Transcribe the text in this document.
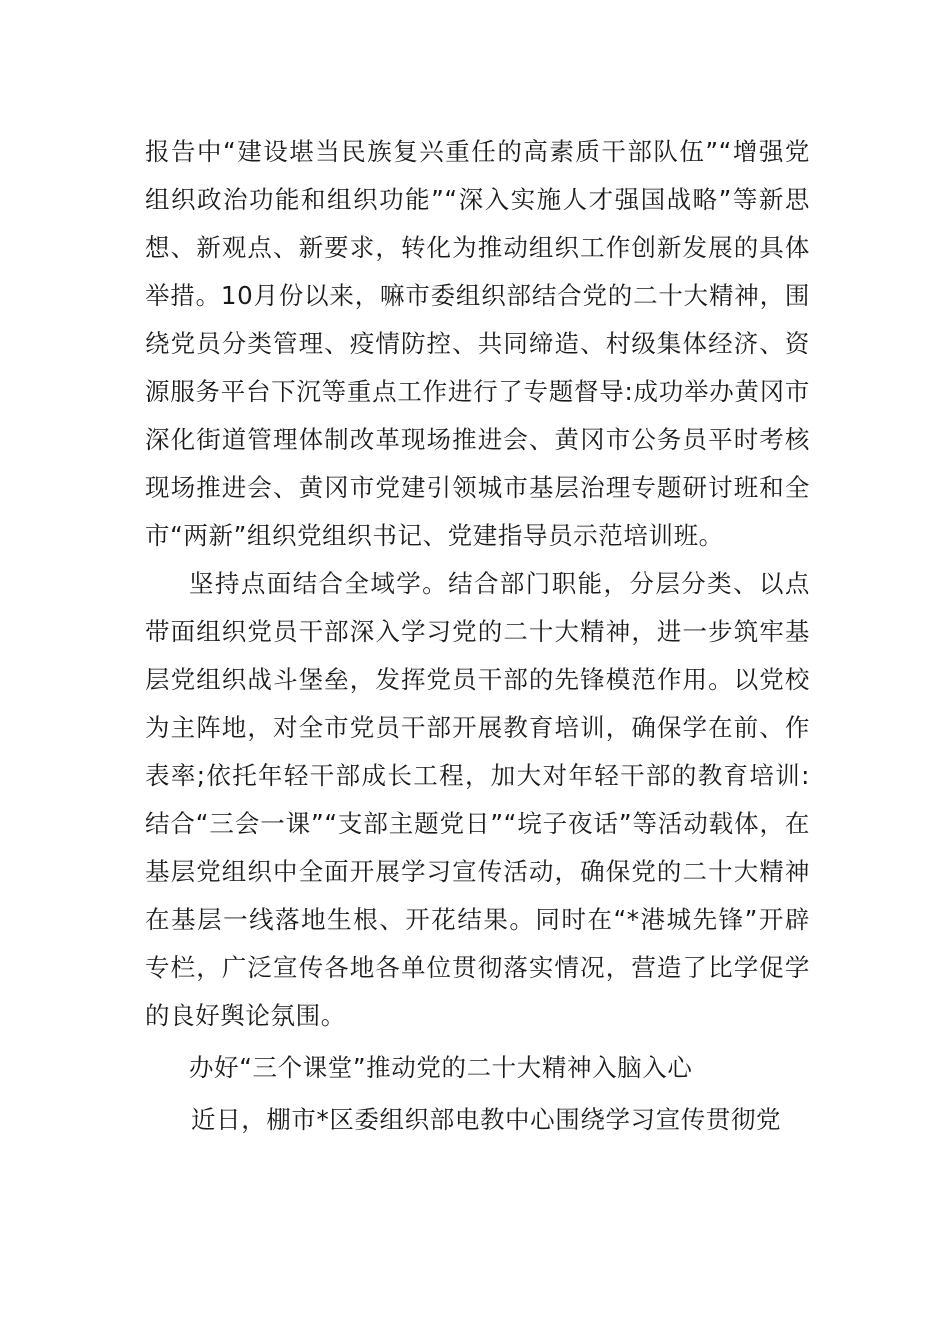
报告中“建设堪当民族复兴重任的高素质干部队伍”“增强党组织政治功能和组织功能”“深入实施人才强国战略”等新思想、新观点、新要求，转化为推动组织工作创新发展的具体举措。10月份以来，嘛市委组织部结合党的二十大精神，围绕党员分类管理、疫情防控、共同缔造、村级集体经济、资源服务平台下沉等重点工作进行了专题督导:成功举办黄冈市深化街道管理体制改革现场推进会、黄冈市公务员平时考核现场推进会、黄冈市党建引领城市基层治理专题研讨班和全市“两新”组织党组织书记、党建指导员示范培训班。

坚持点面结合全域学。结合部门职能，分层分类、以点带面组织党员干部深入学习党的二十大精神，进一步筑牢基层党组织战斗堡垒，发挥党员干部的先锋模范作用。以党校为主阵地，对全市党员干部开展教育培训，确保学在前、作表率;依托年轻干部成长工程，加大对年轻干部的教育培训:结合“三会一课”“支部主题党日”“垸子夜话”等活动载体，在基层党组织中全面开展学习宣传活动，确保党的二十大精神在基层一线落地生根、开花结果。同时在“*港城先锋”开辟专栏，广泛宣传各地各单位贯彻落实情况，营造了比学促学的良好舆论氛围。

办好“三个课堂”推动党的二十大精神入脑入心

近日，棚市*区委组织部电教中心围绕学习宣传贯彻党
